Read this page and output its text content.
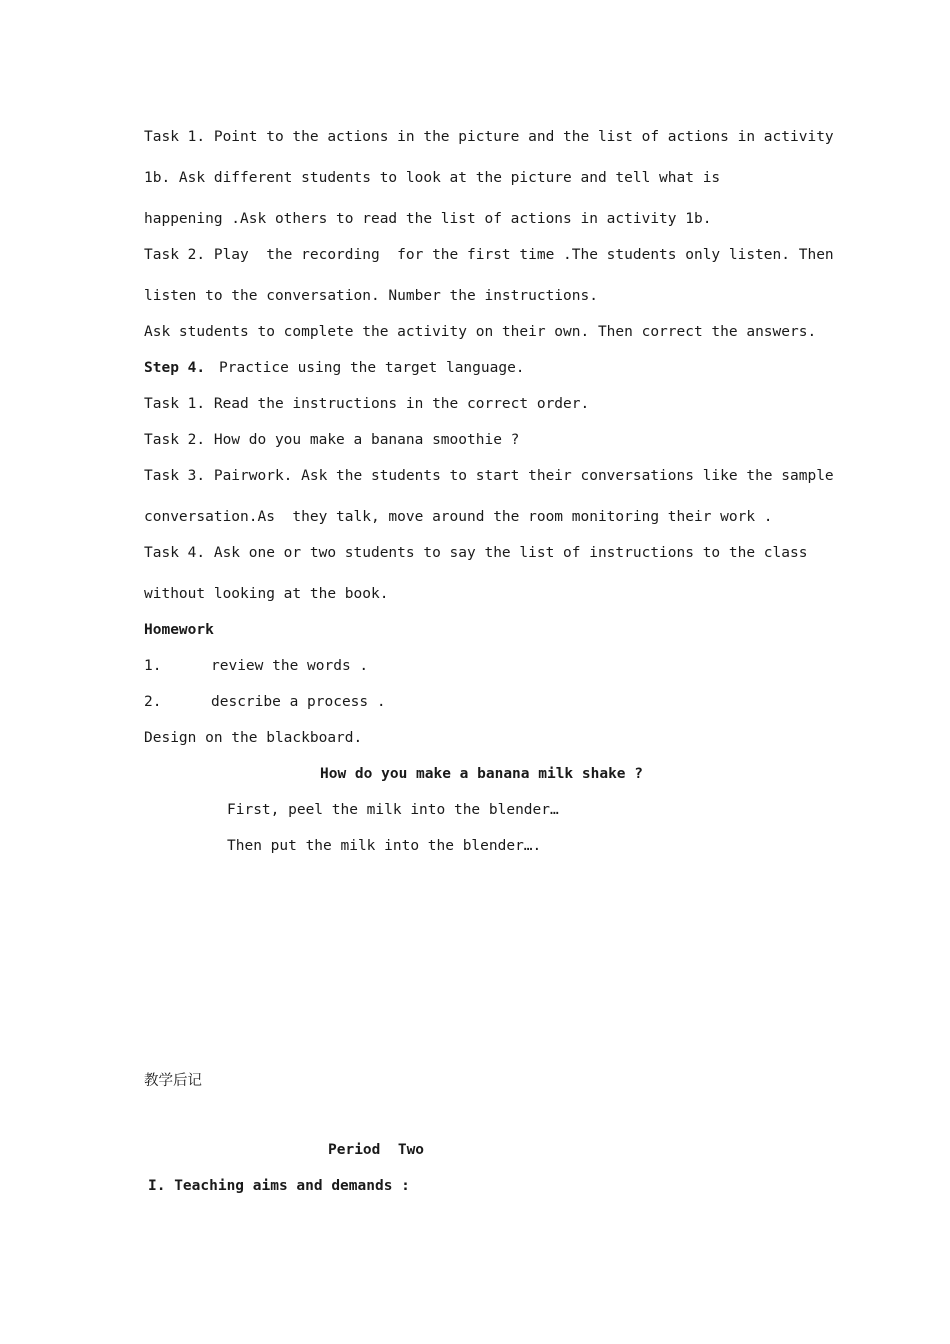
Task 1. Point to the actions in the picture and the list of actions in activity
1b. Ask different students to look at the picture and tell what is
happening .Ask others to read the list of actions in activity 1b.
Task 2. Play  the recording  for the first time .The students only listen. Then
listen to the conversation. Number the instructions.
Ask students to complete the activity on their own. Then correct the answers.
Step 4. Practice using the target language.
Task 1. Read the instructions in the correct order.
Task 2. How do you make a banana smoothie ?
Task 3. Pairwork. Ask the students to start their conversations like the sample
conversation.As  they talk, move around the room monitoring their work .
Task 4. Ask one or two students to say the list of instructions to the class
without looking at the book.
Homework
1.	review the words .
2.	describe a process .
Design on the blackboard.
How do you make a banana milk shake ?
First, peel the milk into the blender…
Then put the milk into the blender….
教学后记
Period  Two
I. Teaching aims and demands :
